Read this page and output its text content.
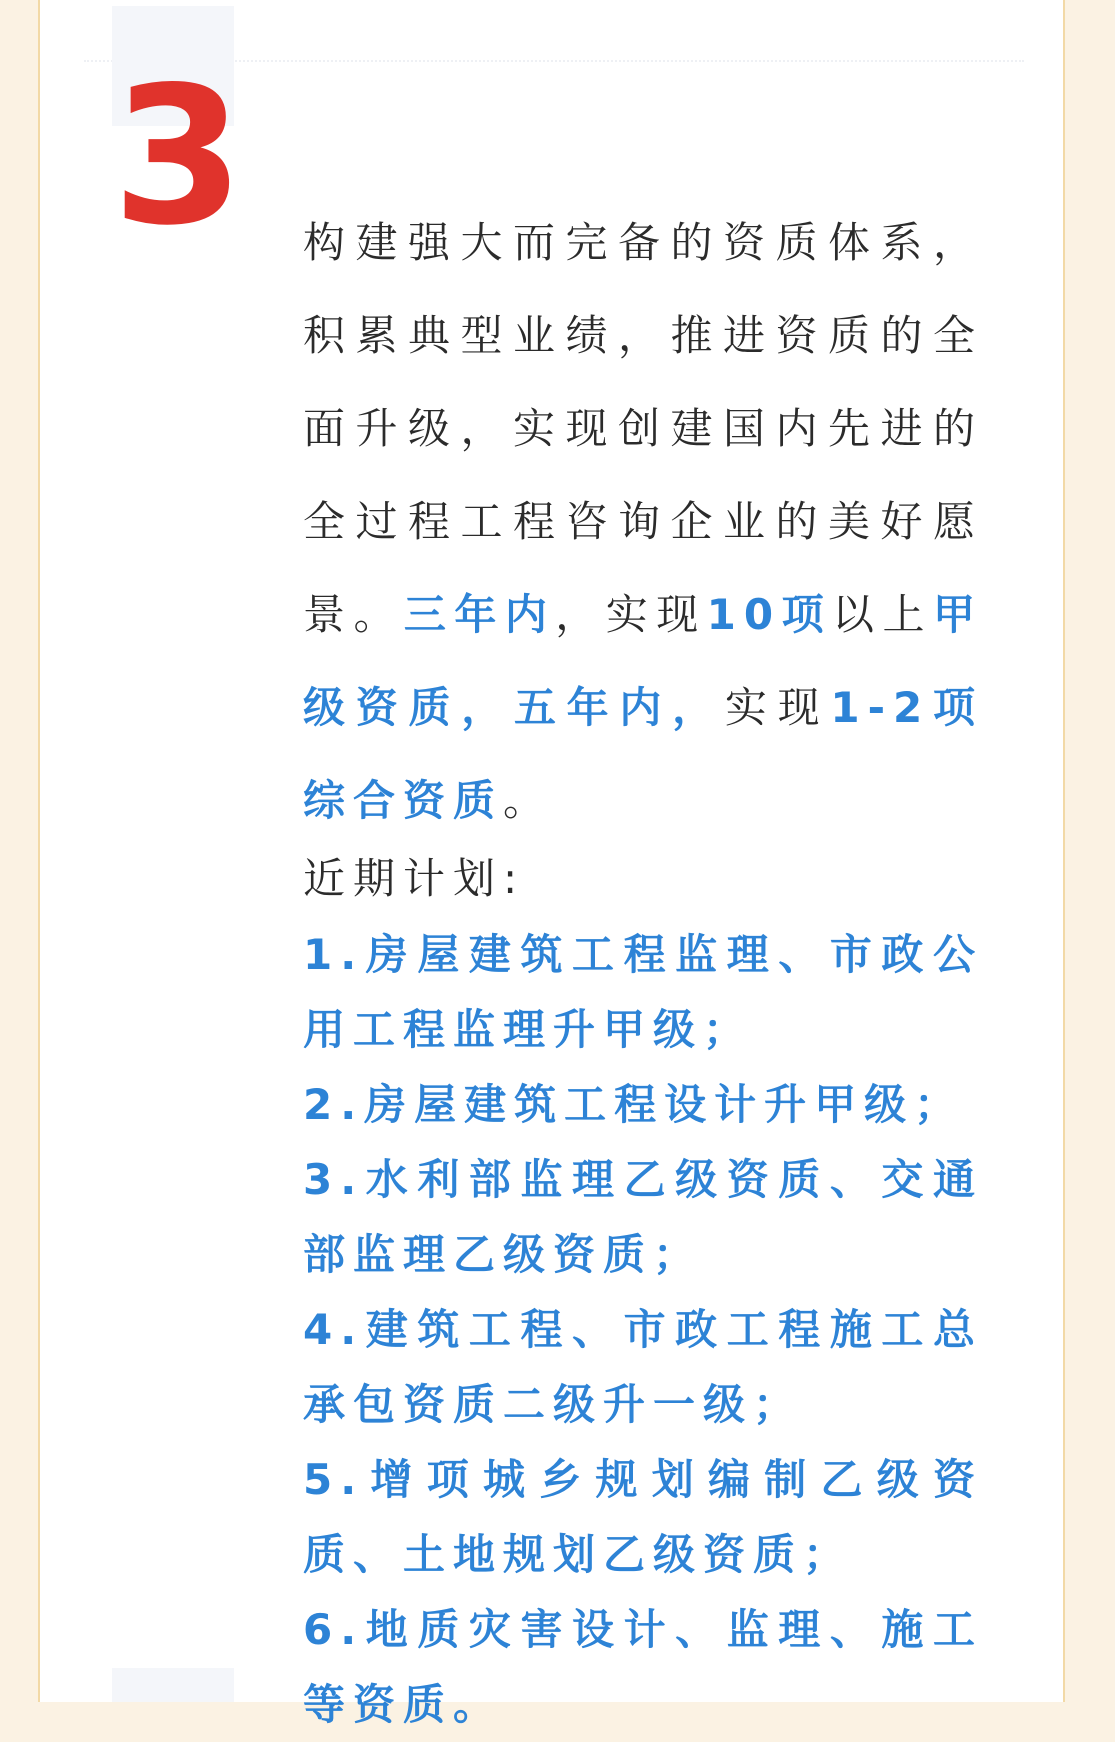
3 构建强大而完备的资质体系，积累典型业绩，推进资质的全面升级，实现创建国内先进的全过程工程咨询企业的美好愿景。三年内，实现10项以上甲级资质，五年内，实现1-2项综合资质。

近期计划:

1.房屋建筑工程监理、市政公用工程监理升甲级；
2.房屋建筑工程设计升甲级；
3.水利部监理乙级资质、交通部监理乙级资质；
4.建筑工程、市政工程施工总承包资质二级升一级；
5.增项城乡规划编制乙级资质、土地规划乙级资质；
6.地质灾害设计、监理、施工等资质。
